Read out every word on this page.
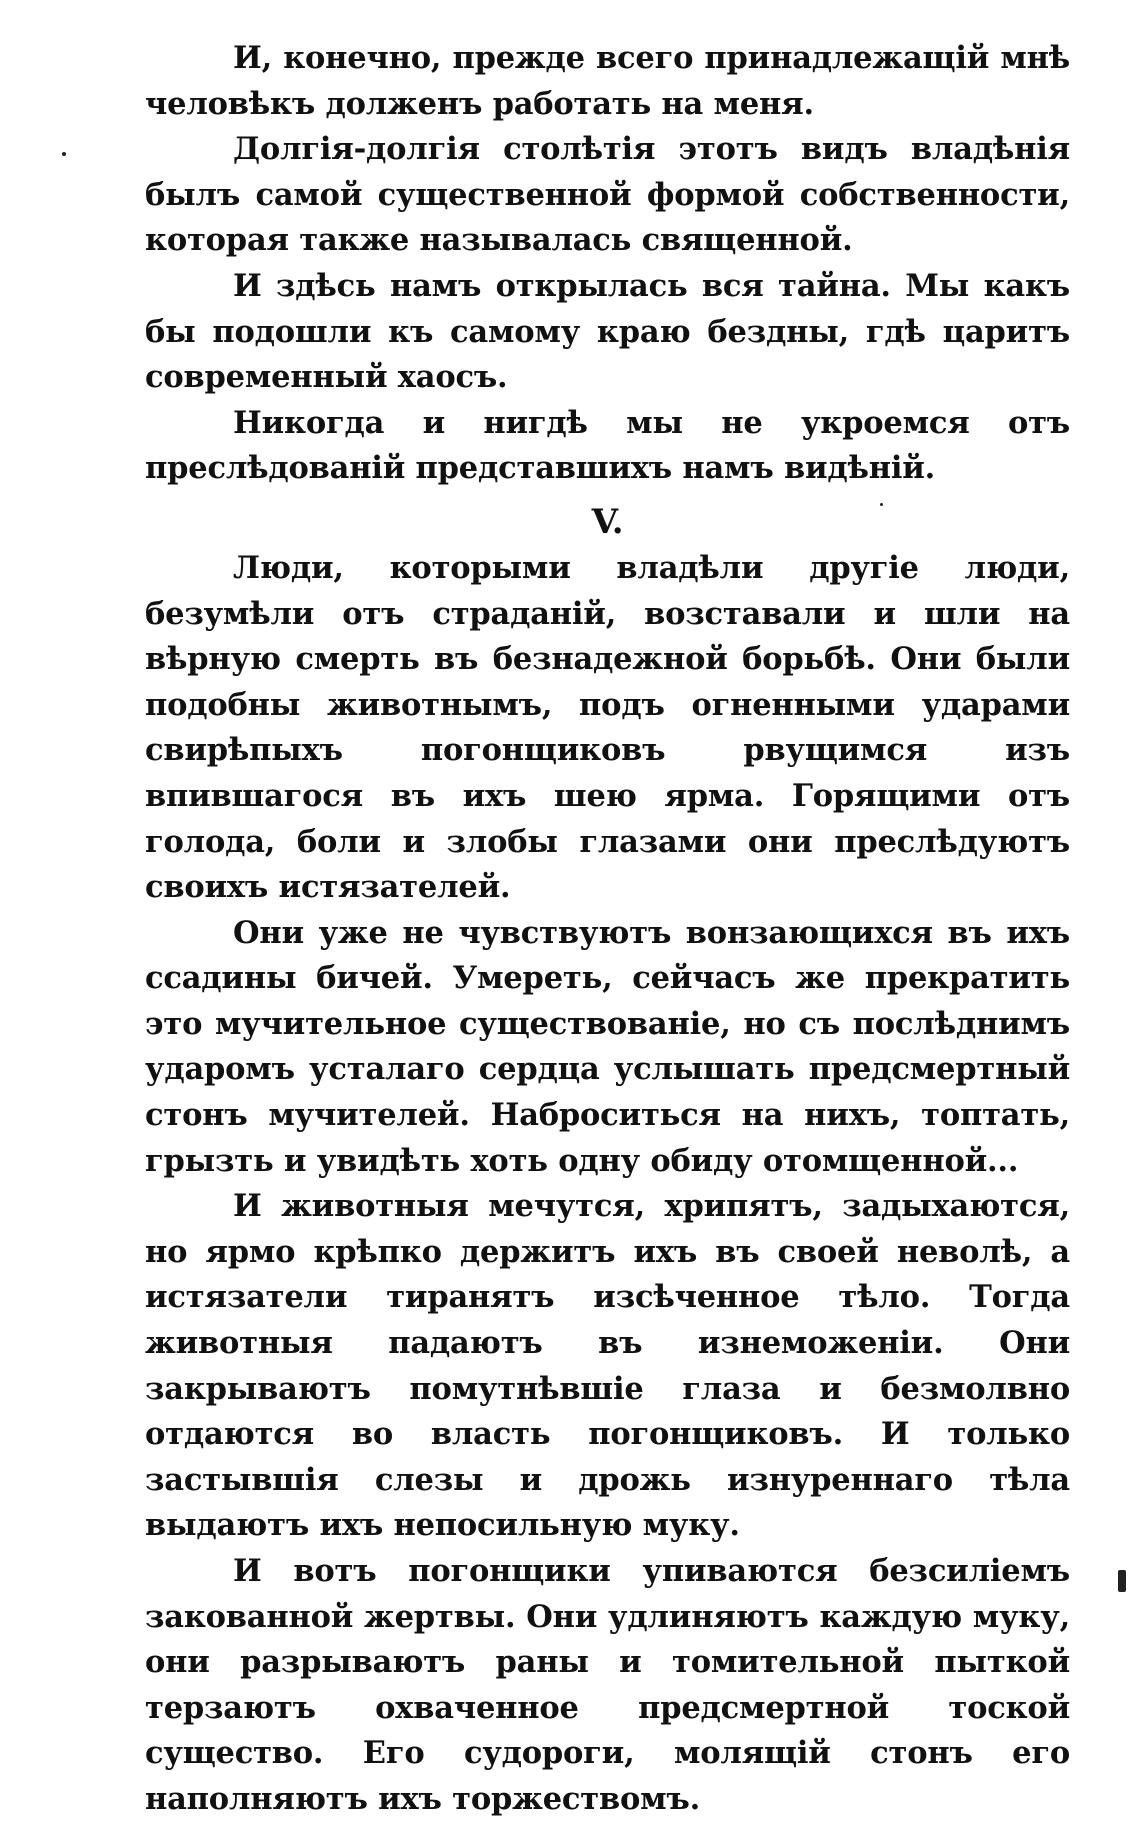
И, конечно, прежде всего принадлежащій мнѣ человѣкъ долженъ работать на меня.

Долгія-долгія столѣтія этотъ видъ владѣнія былъ самой существенной формой собственности, которая также называлась священной.

И здѣсь намъ открылась вся тайна. Мы какъ бы подошли къ самому краю бездны, гдѣ царитъ современный хаосъ.

Никогда и нигдѣ мы не укроемся отъ преслѣдованій представшихъ намъ видѣній.

V.

Люди, которыми владѣли другіе люди, безумѣли отъ страданій, возставали и шли на вѣрную смерть въ безнадежной борьбѣ. Они были подобны животнымъ, подъ огненными ударами свирѣпыхъ погонщиковъ рвущимся изъ впившагося въ ихъ шею ярма. Горящими отъ голода, боли и злобы глазами они преслѣдуютъ своихъ истязателей.

Они уже не чувствуютъ вонзающихся въ ихъ ссадины бичей. Умереть, сейчасъ же прекратить это мучительное существованіе, но съ послѣднимъ ударомъ усталаго сердца услышать предсмертный стонъ мучителей. Наброситься на нихъ, топтать, грызть и увидѣть хоть одну обиду отомщенной...

И животныя мечутся, хрипятъ, задыхаются, но ярмо крѣпко держитъ ихъ въ своей неволѣ, а истязатели тиранятъ изсѣченное тѣло. Тогда животныя падаютъ въ изнеможеніи. Они закрываютъ помутнѣвшіе глаза и безмолвно отдаются во власть погонщиковъ. И только застывшія слезы и дрожь изнуреннаго тѣла выдаютъ ихъ непосильную муку.

И вотъ погонщики упиваются безсиліемъ закованной жертвы. Они удлиняютъ каждую муку, они разрываютъ раны и томительной пыткой терзаютъ охваченное предсмертной тоской существо. Его судороги, молящій стонъ его наполняютъ ихъ торжествомъ.
